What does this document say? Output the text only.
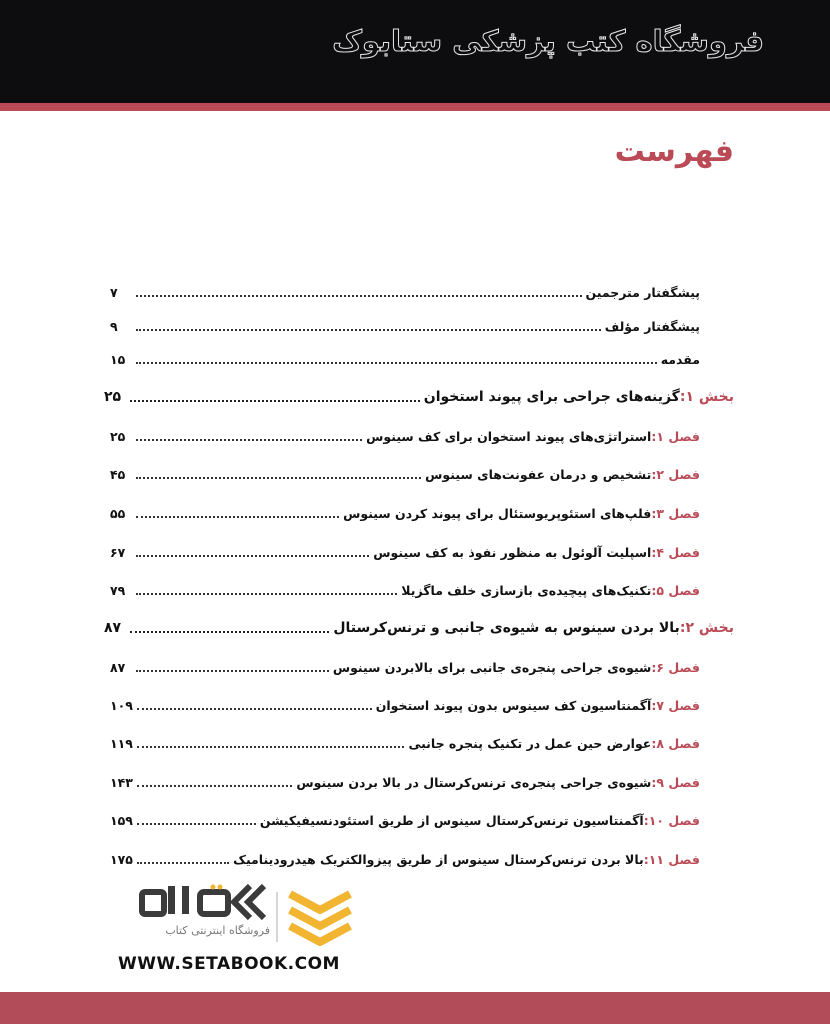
فروشگاه کتب پزشکی ستابوک
فهرست
پیشگفتار مترجمین
۷
پیشگفتار مؤلف
۹
مقدمه
۱۵
بخش ۱:
گزینه‌های جراحی برای پیوند استخوان
۲۵
فصل ۱:
استراتژی‌های پیوند استخوان برای کف سینوس
۲۵
فصل ۲:
تشخیص و درمان عفونت‌های سینوس
۴۵
فصل ۳:
فلپ‌های استئوپریوستئال برای پیوند کردن سینوس
۵۵
فصل ۴:
اسپلیت آلوئول به منظور نفوذ به کف سینوس
۶۷
فصل ۵:
تکنیک‌های پیچیده‌ی بازسازی خلف ماگزیلا
۷۹
بخش ۲:
بالا بردن سینوس به شیوه‌ی جانبی و ترنس‌کرستال
۸۷
فصل ۶:
شیوه‌ی جراحی پنجره‌ی جانبی برای بالابردن سینوس
۸۷
فصل ۷:
آگمنتاسیون کف سینوس بدون پیوند استخوان
۱۰۹
فصل ۸:
عوارض حین عمل در تکنیک پنجره جانبی
۱۱۹
فصل ۹:
شیوه‌ی جراحی پنجره‌ی ترنس‌کرستال در بالا بردن سینوس
۱۴۳
فصل ۱۰:
آگمنتاسیون ترنس‌کرستال سینوس از طریق استئودنسیفیکیشن
۱۵۹
فصل ۱۱:
بالا بردن ترنس‌کرستال سینوس از طریق پیزوالکتریک هیدرودینامیک
۱۷۵
فروشگاه اینترنتی کتاب
WWW.SETABOOK.COM
